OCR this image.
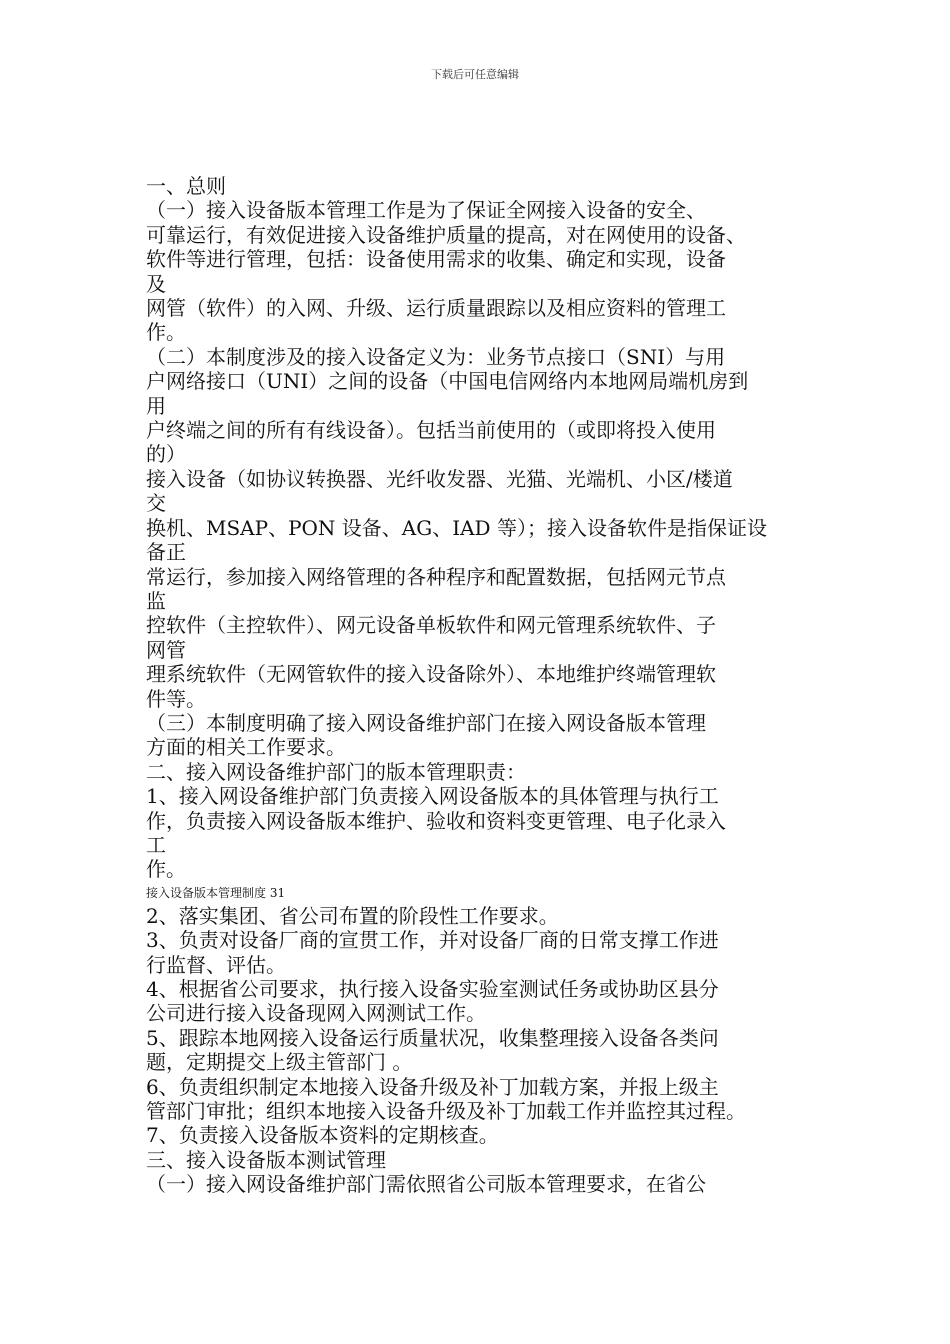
下载后可任意编辑
一、总则
（一）接入设备版本管理工作是为了保证全网接入设备的安全、
可靠运行，有效促进接入设备维护质量的提高，对在网使用的设备、
软件等进行管理，包括：设备使用需求的收集、确定和实现，设备
及
网管（软件）的入网、升级、运行质量跟踪以及相应资料的管理工
作。
（二）本制度涉及的接入设备定义为：业务节点接口（SNI）与用
户网络接口（UNI）之间的设备（中国电信网络内本地网局端机房到
用
户终端之间的所有有线设备）。包括当前使用的（或即将投入使用
的）
接入设备（如协议转换器、光纤收发器、光猫、光端机、小区/楼道
交
换机、MSAP、PON 设备、AG、IAD 等）；接入设备软件是指保证设
备正
常运行，参加接入网络管理的各种程序和配置数据，包括网元节点
监
控软件（主控软件）、网元设备单板软件和网元管理系统软件、子
网管
理系统软件（无网管软件的接入设备除外）、本地维护终端管理软
件等。
（三）本制度明确了接入网设备维护部门在接入网设备版本管理
方面的相关工作要求。
二、接入网设备维护部门的版本管理职责：
1、接入网设备维护部门负责接入网设备版本的具体管理与执行工
作，负责接入网设备版本维护、验收和资料变更管理、电子化录入
工
作。
接入设备版本管理制度 31
2、落实集团、省公司布置的阶段性工作要求。
3、负责对设备厂商的宣贯工作，并对设备厂商的日常支撑工作进
行监督、评估。
4、根据省公司要求，执行接入设备实验室测试任务或协助区县分
公司进行接入设备现网入网测试工作。
5、跟踪本地网接入设备运行质量状况，收集整理接入设备各类问
题，定期提交上级主管部门 。
6、负责组织制定本地接入设备升级及补丁加载方案，并报上级主
管部门审批；组织本地接入设备升级及补丁加载工作并监控其过程。
7、负责接入设备版本资料的定期核查。
三、接入设备版本测试管理
（一）接入网设备维护部门需依照省公司版本管理要求，在省公
